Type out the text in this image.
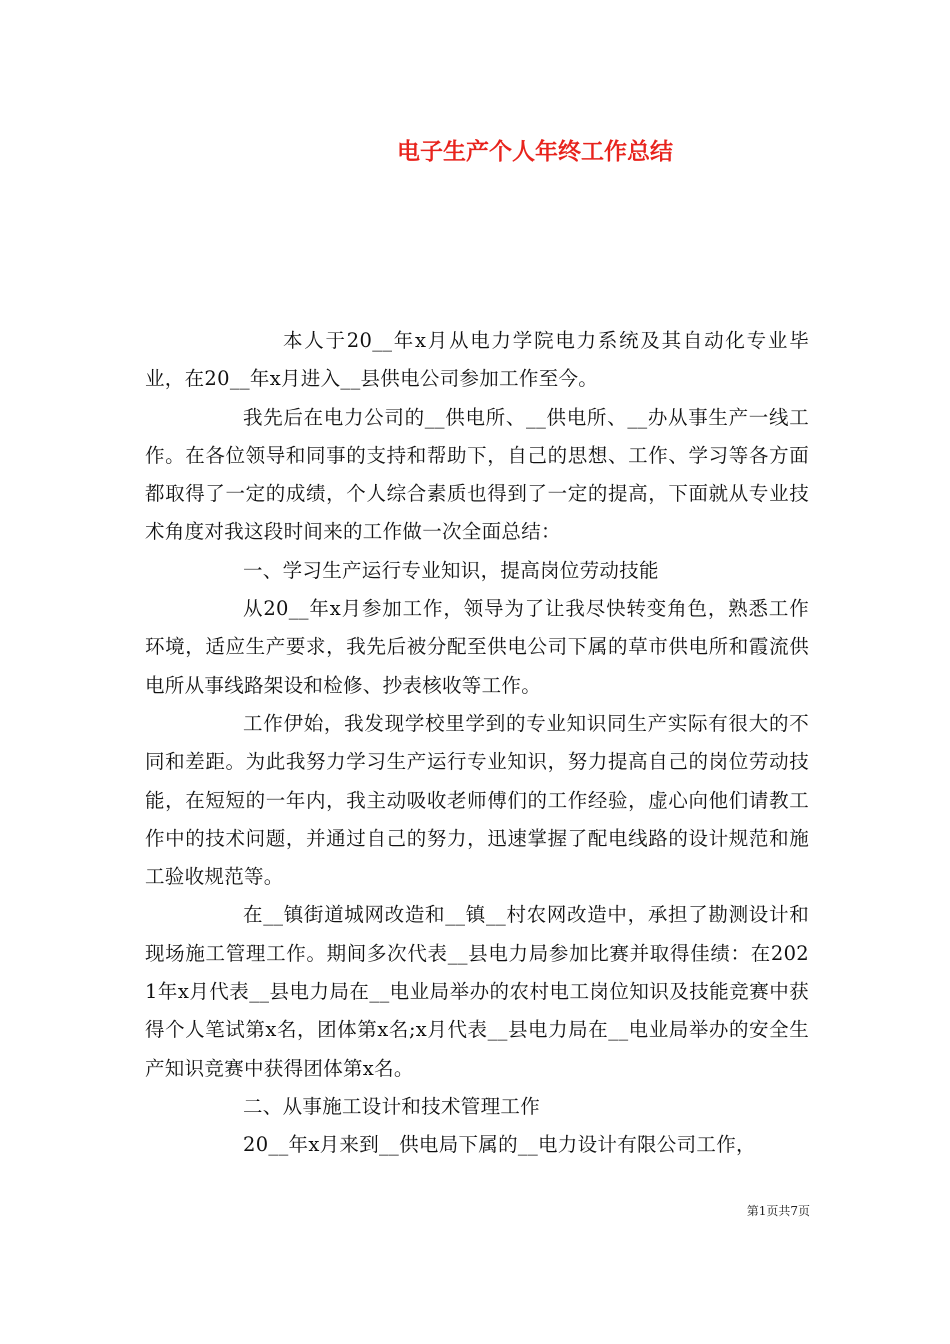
电子生产个人年终工作总结

本人于20__年x月从电力学院电力系统及其自动化专业毕业，在20__年x月进入__县供电公司参加工作至今。

我先后在电力公司的__供电所、__供电所、__办从事生产一线工作。在各位领导和同事的支持和帮助下，自己的思想、工作、学习等各方面都取得了一定的成绩，个人综合素质也得到了一定的提高，下面就从专业技术角度对我这段时间来的工作做一次全面总结：

一、学习生产运行专业知识，提高岗位劳动技能

从20__年x月参加工作，领导为了让我尽快转变角色，熟悉工作环境，适应生产要求，我先后被分配至供电公司下属的草市供电所和霞流供电所从事线路架设和检修、抄表核收等工作。

工作伊始，我发现学校里学到的专业知识同生产实际有很大的不同和差距。为此我努力学习生产运行专业知识，努力提高自己的岗位劳动技能，在短短的一年内，我主动吸收老师傅们的工作经验，虚心向他们请教工作中的技术问题，并通过自己的努力，迅速掌握了配电线路的设计规范和施工验收规范等。

在__镇街道城网改造和__镇__村农网改造中，承担了勘测设计和现场施工管理工作。期间多次代表__县电力局参加比赛并取得佳绩：在2021年x月代表__县电力局在__电业局举办的农村电工岗位知识及技能竞赛中获得个人笔试第x名，团体第x名;x月代表__县电力局在__电业局举办的安全生产知识竞赛中获得团体第x名。

二、从事施工设计和技术管理工作

20__年x月来到__供电局下属的__电力设计有限公司工作，

第1页共7页
